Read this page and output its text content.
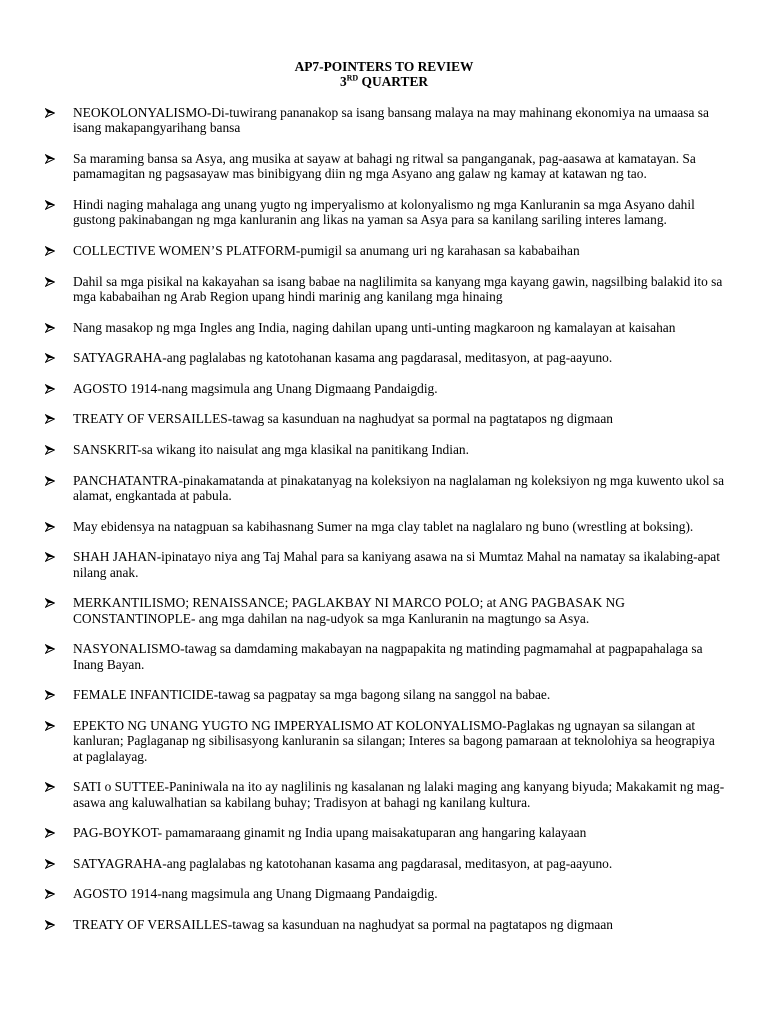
AP7-POINTERS TO REVIEW
3RD QUARTER
NEOKOLONYALISMO-Di-tuwirang pananakop sa isang bansang malaya na may mahinang ekonomiya na umaasa sa isang makapangyarihang bansa
Sa maraming bansa sa Asya, ang musika at sayaw at bahagi ng ritwal sa panganganak, pag-aasawa at kamatayan. Sa pamamagitan ng pagsasayaw mas binibigyang diin ng mga Asyano ang galaw ng kamay at katawan ng tao.
Hindi naging mahalaga ang unang yugto ng imperyalismo at kolonyalismo ng mga Kanluranin sa mga Asyano dahil gustong pakinabangan ng mga kanluranin ang likas na yaman sa Asya para sa kanilang sariling interes lamang.
COLLECTIVE WOMEN’S PLATFORM-pumigil sa anumang uri ng karahasan sa kababaihan
Dahil sa mga pisikal na kakayahan sa isang babae na naglilimita sa kanyang mga kayang gawin, nagsilbing balakid ito sa mga kababaihan ng Arab Region upang hindi marinig ang kanilang mga hinaing
Nang masakop ng mga Ingles ang India, naging dahilan upang unti-unting magkaroon ng kamalayan at kaisahan
SATYAGRAHA-ang paglalabas ng katotohanan kasama ang pagdarasal, meditasyon, at pag-aayuno.
AGOSTO 1914-nang magsimula ang Unang Digmaang Pandaigdig.
TREATY OF VERSAILLES-tawag sa kasunduan na naghudyat sa pormal na pagtatapos ng digmaan
SANSKRIT-sa wikang ito naisulat ang mga klasikal na panitikang Indian.
PANCHATANTRA-pinakamatanda at pinakatanyag na koleksiyon na naglalaman ng koleksiyon ng mga kuwento ukol sa alamat, engkantada at pabula.
May ebidensya na natagpuan sa kabihasnang Sumer na mga clay tablet na naglalaro ng buno (wrestling at boksing).
SHAH JAHAN-ipinatayo niya ang Taj Mahal para sa kaniyang asawa na si Mumtaz Mahal na namatay sa ikalabing-apat nilang anak.
MERKANTILISMO; RENAISSANCE; PAGLAKBAY NI MARCO POLO; at ANG PAGBASAK NG CONSTANTINOPLE- ang mga dahilan na nag-udyok sa mga Kanluranin na magtungo sa Asya.
NASYONALISMO-tawag sa damdaming makabayan na nagpapakita ng matinding pagmamahal at pagpapahalaga sa Inang Bayan.
FEMALE INFANTICIDE-tawag sa pagpatay sa mga bagong silang na sanggol na babae.
EPEKTO NG UNANG YUGTO NG IMPERYALISMO AT KOLONYALISMO-Paglakas ng ugnayan sa silangan at kanluran; Paglaganap ng sibilisasyong kanluranin sa silangan; Interes sa bagong pamaraan at teknolohiya sa heograpiya at paglalayag.
SATI o SUTTEE-Paniniwala na ito ay naglilinis ng kasalanan ng lalaki maging ang kanyang biyuda; Makakamit ng mag-asawa ang kaluwalhatian sa kabilang buhay; Tradisyon at bahagi ng kanilang kultura.
PAG-BOYKOT- pamamaraang ginamit ng India upang maisakatuparan ang hangaring kalayaan
SATYAGRAHA-ang paglalabas ng katotohanan kasama ang pagdarasal, meditasyon, at pag-aayuno.
AGOSTO 1914-nang magsimula ang Unang Digmaang Pandaigdig.
TREATY OF VERSAILLES-tawag sa kasunduan na naghudyat sa pormal na pagtatapos ng digmaan
